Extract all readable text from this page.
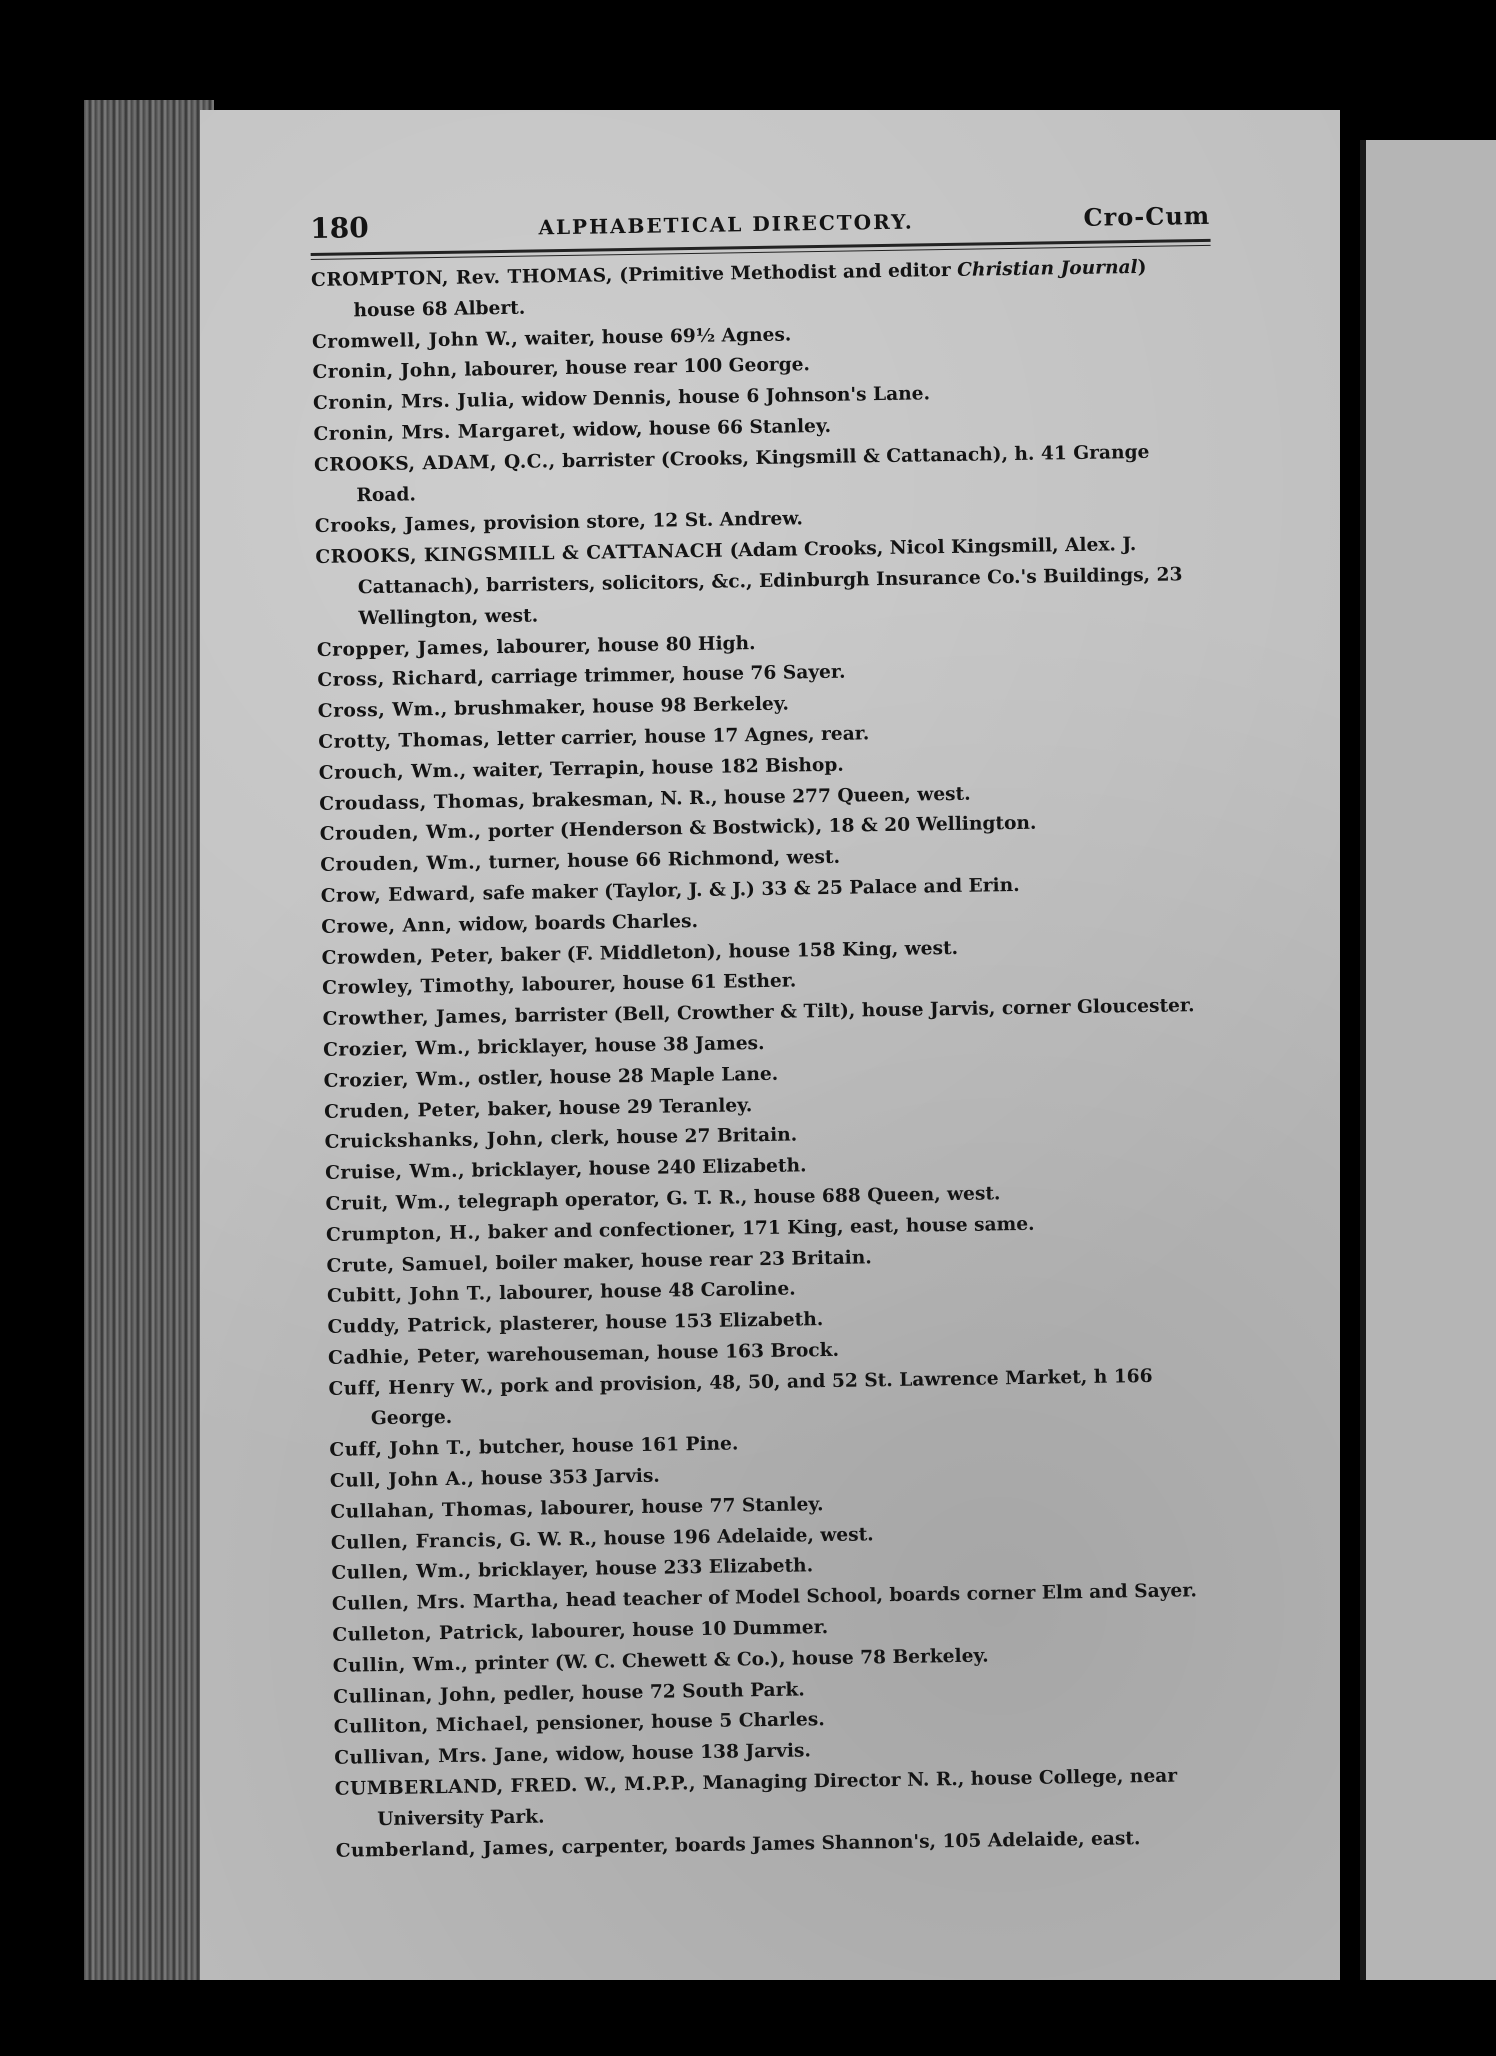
180	ALPHABETICAL DIRECTORY.	Cro-Cum
CROMPTON, Rev. THOMAS, (Primitive Methodist and editor Christian Journal) house 68 Albert.
Cromwell, John W., waiter, house 69½ Agnes.
Cronin, John, labourer, house rear 100 George.
Cronin, Mrs. Julia, widow Dennis, house 6 Johnson's Lane.
Cronin, Mrs. Margaret, widow, house 66 Stanley.
CROOKS, ADAM, Q.C., barrister (Crooks, Kingsmill & Cattanach), h. 41 Grange Road.
Crooks, James, provision store, 12 St. Andrew.
CROOKS, KINGSMILL & CATTANACH (Adam Crooks, Nicol Kingsmill, Alex. J. Cattanach), barristers, solicitors, &c., Edinburgh Insurance Co.'s Buildings, 23 Wellington, west.
Cropper, James, labourer, house 80 High.
Cross, Richard, carriage trimmer, house 76 Sayer.
Cross, Wm., brushmaker, house 98 Berkeley.
Crotty, Thomas, letter carrier, house 17 Agnes, rear.
Crouch, Wm., waiter, Terrapin, house 182 Bishop.
Croudass, Thomas, brakesman, N. R., house 277 Queen, west.
Crouden, Wm., porter (Henderson & Bostwick), 18 & 20 Wellington.
Crouden, Wm., turner, house 66 Richmond, west.
Crow, Edward, safe maker (Taylor, J. & J.) 33 & 25 Palace and Erin.
Crowe, Ann, widow, boards Charles.
Crowden, Peter, baker (F. Middleton), house 158 King, west.
Crowley, Timothy, labourer, house 61 Esther.
Crowther, James, barrister (Bell, Crowther & Tilt), house Jarvis, corner Gloucester.
Crozier, Wm., bricklayer, house 38 James.
Crozier, Wm., ostler, house 28 Maple Lane.
Cruden, Peter, baker, house 29 Teranley.
Cruickshanks, John, clerk, house 27 Britain.
Cruise, Wm., bricklayer, house 240 Elizabeth.
Cruit, Wm., telegraph operator, G. T. R., house 688 Queen, west.
Crumpton, H., baker and confectioner, 171 King, east, house same.
Crute, Samuel, boiler maker, house rear 23 Britain.
Cubitt, John T., labourer, house 48 Caroline.
Cuddy, Patrick, plasterer, house 153 Elizabeth.
Cadhie, Peter, warehouseman, house 163 Brock.
Cuff, Henry W., pork and provision, 48, 50, and 52 St. Lawrence Market, h 166 George.
Cuff, John T., butcher, house 161 Pine.
Cull, John A., house 353 Jarvis.
Cullahan, Thomas, labourer, house 77 Stanley.
Cullen, Francis, G. W. R., house 196 Adelaide, west.
Cullen, Wm., bricklayer, house 233 Elizabeth.
Cullen, Mrs. Martha, head teacher of Model School, boards corner Elm and Sayer.
Culleton, Patrick, labourer, house 10 Dummer.
Cullin, Wm., printer (W. C. Chewett & Co.), house 78 Berkeley.
Cullinan, John, pedler, house 72 South Park.
Culliton, Michael, pensioner, house 5 Charles.
Cullivan, Mrs. Jane, widow, house 138 Jarvis.
CUMBERLAND, FRED. W., M.P.P., Managing Director N. R., house College, near University Park.
Cumberland, James, carpenter, boards James Shannon's, 105 Adelaide, east.
